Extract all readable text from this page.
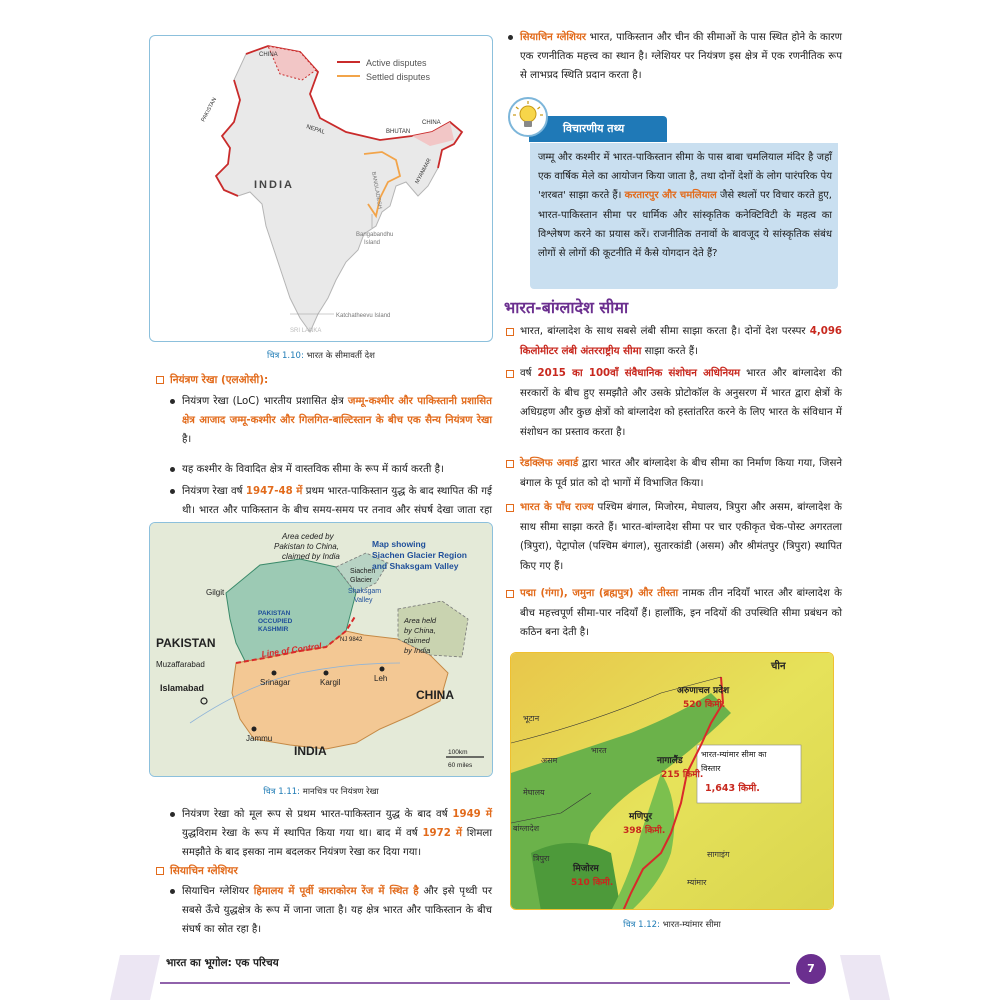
Active disputes
Settled disputes
CHINA
PAKISTAN
NEPAL	BHUTAN
CHINA
INDIA	BANGLADESH
MYANMAR
Bangabandhu
Island
Katchatheevu Island
SRI LANKA
चित्र 1.10: भारत के सीमावर्ती देश
नियंत्रण रेखा (एलओसी):
नियंत्रण रेखा (LoC) भारतीय प्रशासित क्षेत्र जम्मू-कश्मीर और पाकिस्तानी प्रशासित क्षेत्र आजाद जम्मू-कश्मीर और गिलगित-बाल्टिस्तान के बीच एक सैन्य नियंत्रण रेखा है।
यह कश्मीर के विवादित क्षेत्र में वास्तविक सीमा के रूप में कार्य करती है।
नियंत्रण रेखा वर्ष 1947-48 में प्रथम भारत-पाकिस्तान युद्ध के बाद स्थापित की गई थी। भारत और पाकिस्तान के बीच समय-समय पर तनाव और संघर्ष देखा जाता रहा
Area ceded by
Pakistan to China,
claimed by India
Map showing
Siachen Glacier Region
and Shaksgam Valley
Siachen
Glacier
Shaksgam
Valley
Gilgit
PAKISTAN
OCCUPIED
KASHMIR
NJ 9842
Area held
by China,
claimed
by India
PAKISTAN	Line of Control
Muzaffarabad
Srinagar	Kargil	Leh
Islamabad	CHINA
Jammu
INDIA	100km
60 miles
चित्र 1.11: मानचित्र पर नियंत्रण रेखा
नियंत्रण रेखा को मूल रूप से प्रथम भारत-पाकिस्तान युद्ध के बाद वर्ष 1949 में युद्धविराम रेखा के रूप में स्थापित किया गया था। बाद में वर्ष 1972 में शिमला समझौते के बाद इसका नाम बदलकर नियंत्रण रेखा कर दिया गया।
सियाचिन ग्लेशियर
सियाचिन ग्लेशियर हिमालय में पूर्वी काराकोरम रेंज में स्थित है और इसे पृथ्वी पर सबसे ऊँचे युद्धक्षेत्र के रूप में जाना जाता है। यह क्षेत्र भारत और पाकिस्तान के बीच संघर्ष का स्रोत रहा है।
सियाचिन ग्लेशियर भारत, पाकिस्तान और चीन की सीमाओं के पास स्थित होने के कारण एक रणनीतिक महत्त्व का स्थान है। ग्लेशियर पर नियंत्रण इस क्षेत्र में एक रणनीतिक रूप से लाभप्रद स्थिति प्रदान करता है।
विचारणीय तथ्य
जम्मू और कश्मीर में भारत-पाकिस्तान सीमा के पास बाबा चमलियाल मंदिर है जहाँ एक वार्षिक मेले का आयोजन किया जाता है, तथा दोनों देशों के लोग पारंपरिक पेय 'शरबत' साझा करते हैं। करतारपुर और चमलियाल जैसे स्थलों पर विचार करते हुए, भारत-पाकिस्तान सीमा पर धार्मिक और सांस्कृतिक कनेक्टिविटी के महत्व का विश्लेषण करने का प्रयास करें। राजनीतिक तनावों के बावजूद ये सांस्कृतिक संबंध लोगों से लोगों की कूटनीति में कैसे योगदान देते हैं?
भारत-बांग्लादेश सीमा
भारत, बांग्लादेश के साथ सबसे लंबी सीमा साझा करता है। दोनों देश परस्पर 4,096 किलोमीटर लंबी अंतरराष्ट्रीय सीमा साझा करते हैं।
वर्ष 2015 का 100वाँ संवैधानिक संशोधन अधिनियम भारत और बांग्लादेश की सरकारों के बीच हुए समझौते और उसके प्रोटोकॉल के अनुसरण में भारत द्वारा क्षेत्रों के अधिग्रहण और कुछ क्षेत्रों को बांग्लादेश को हस्तांतरित करने के लिए भारत के संविधान में संशोधन का प्रस्ताव करता है।
रेडक्लिफ अवार्ड द्वारा भारत और बांग्लादेश के बीच सीमा का निर्माण किया गया, जिसने बंगाल के पूर्व प्रांत को दो भागों में विभाजित किया।
भारत के पाँच राज्य पश्चिम बंगाल, मिजोरम, मेघालय, त्रिपुरा और असम, बांग्लादेश के साथ सीमा साझा करते हैं। भारत-बांग्लादेश सीमा पर चार एकीकृत चेक-पोस्ट अगरतला (त्रिपुरा), पेट्रापोल (पश्चिम बंगाल), सुतारकांडी (असम) और श्रीमंतपुर (त्रिपुरा) स्थापित किए गए हैं।
पद्मा (गंगा), जमुना (ब्रह्मपुत्र) और तीस्ता नामक तीन नदियाँ भारत और बांग्लादेश के बीच महत्त्वपूर्ण सीमा-पार नदियाँ हैं। हालाँकि, इन नदियों की उपस्थिति सीमा प्रबंधन को कठिन बना देती है।
चीन
अरुणाचल प्रदेश
520 किमी.
भूटान
भारत
असम	नागालैंड
215 किमी.
भारत-म्यांमार सीमा का
विस्तार
1,643 किमी.
मेघालय
मणिपुर
398 किमी.
बांग्लादेश
त्रिपुरा	सागाइंग
मिजोरम
510 किमी.	म्यांमार
चित्र 1.12: भारत-म्यांमार सीमा
भारत का भूगोल: एक परिचय	7
